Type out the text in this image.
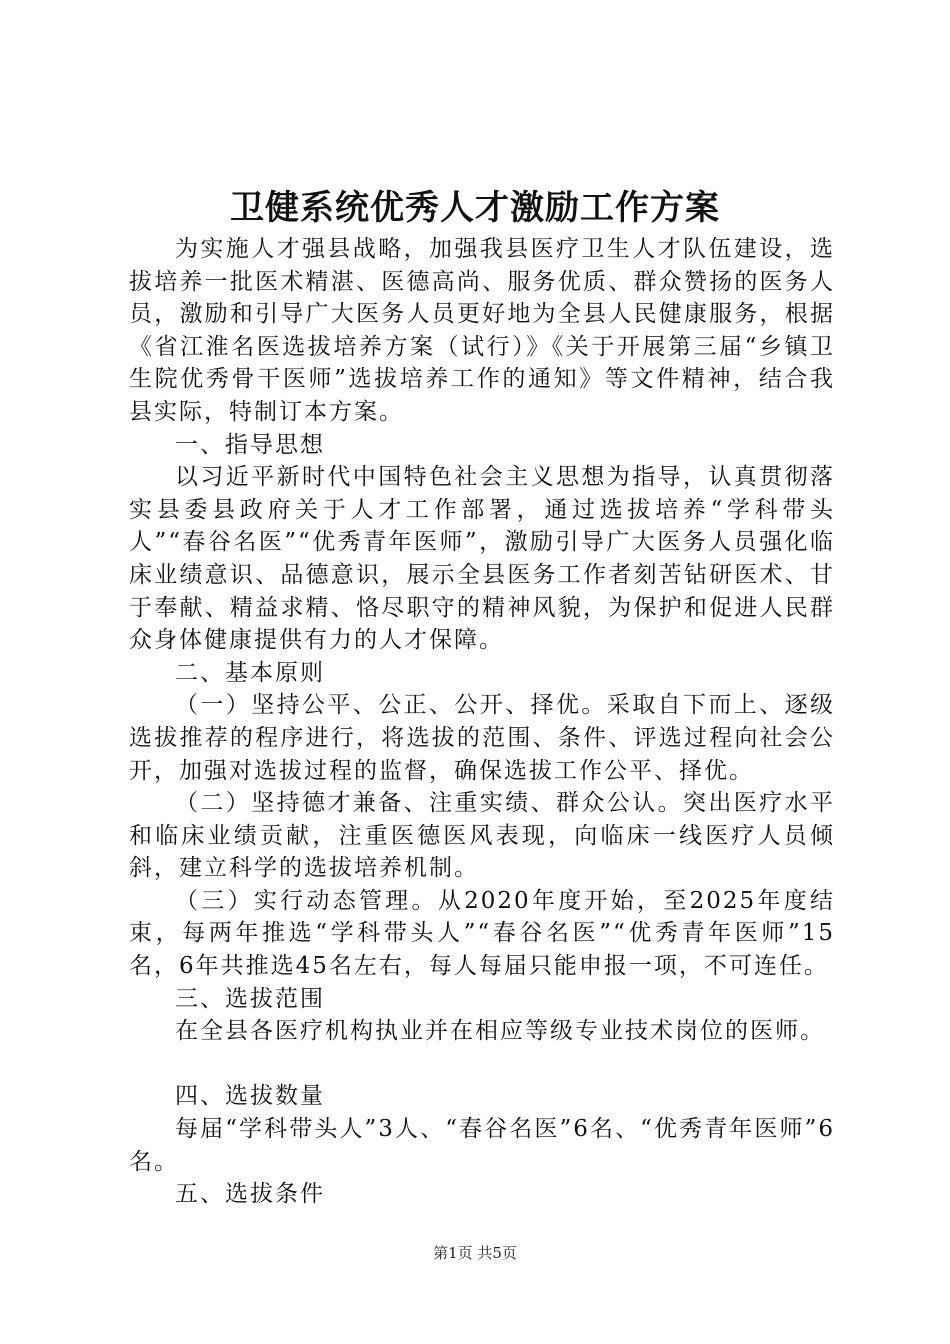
卫健系统优秀人才激励工作方案

为实施人才强县战略，加强我县医疗卫生人才队伍建设，选拔培养一批医术精湛、医德高尚、服务优质、群众赞扬的医务人员，激励和引导广大医务人员更好地为全县人民健康服务，根据《省江淮名医选拔培养方案（试行）》《关于开展第三届“乡镇卫生院优秀骨干医师”选拔培养工作的通知》等文件精神，结合我县实际，特制订本方案。

一、指导思想

以习近平新时代中国特色社会主义思想为指导，认真贯彻落实县委县政府关于人才工作部署，通过选拔培养“学科带头人”“春谷名医”“优秀青年医师”，激励引导广大医务人员强化临床业绩意识、品德意识，展示全县医务工作者刻苦钻研医术、甘于奉献、精益求精、恪尽职守的精神风貌，为保护和促进人民群众身体健康提供有力的人才保障。

二、基本原则

（一）坚持公平、公正、公开、择优。采取自下而上、逐级选拔推荐的程序进行，将选拔的范围、条件、评选过程向社会公开，加强对选拔过程的监督，确保选拔工作公平、择优。

（二）坚持德才兼备、注重实绩、群众公认。突出医疗水平和临床业绩贡献，注重医德医风表现，向临床一线医疗人员倾斜，建立科学的选拔培养机制。

（三）实行动态管理。从2020年度开始，至2025年度结束，每两年推选“学科带头人”“春谷名医”“优秀青年医师”15名，6年共推选45名左右，每人每届只能申报一项，不可连任。

三、选拔范围

在全县各医疗机构执业并在相应等级专业技术岗位的医师。

四、选拔数量

每届“学科带头人”3人、“春谷名医”6名、“优秀青年医师”6名。

五、选拔条件

第1页 共5页
